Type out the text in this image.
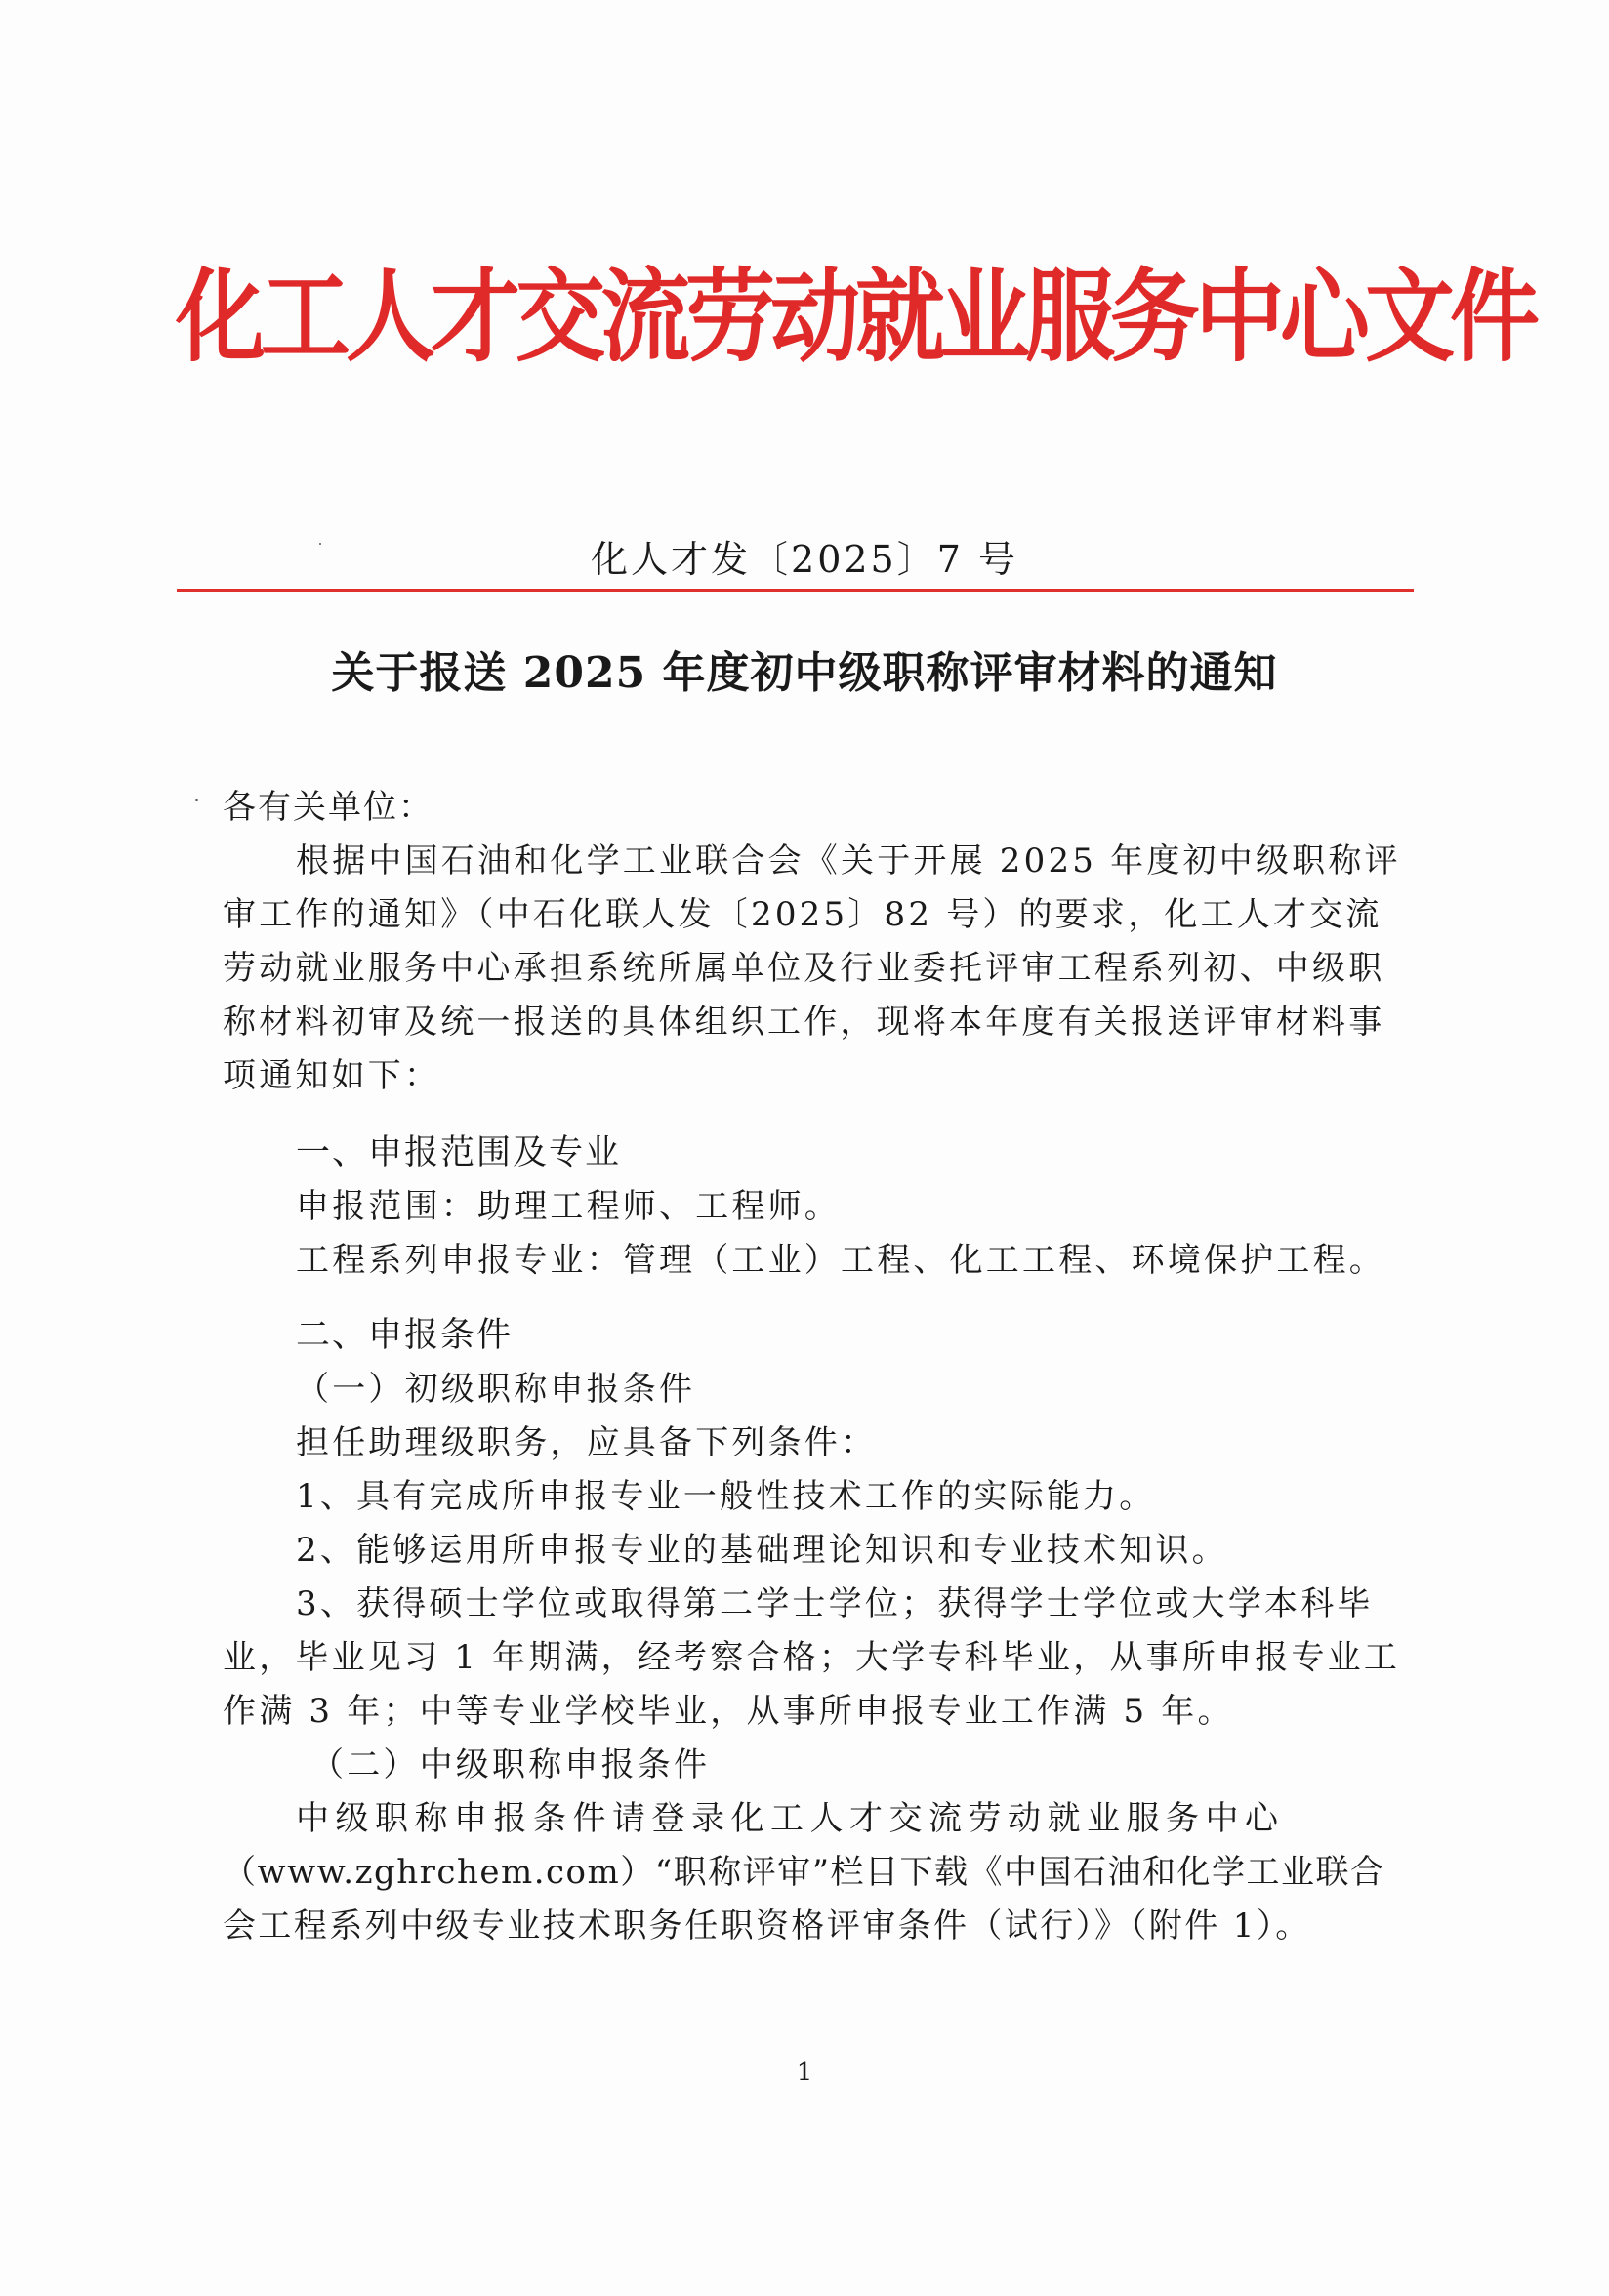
化工人才交流劳动就业服务中心文件
化人才发〔2025〕7 号
关于报送 2025 年度初中级职称评审材料的通知
各有关单位：
根据中国石油和化学工业联合会《关于开展 2025 年度初中级职称评
审工作的通知》（中石化联人发〔2025〕82 号）的要求，化工人才交流
劳动就业服务中心承担系统所属单位及行业委托评审工程系列初、中级职
称材料初审及统一报送的具体组织工作，现将本年度有关报送评审材料事
项通知如下：
一、申报范围及专业
申报范围：助理工程师、工程师。
工程系列申报专业：管理（工业）工程、化工工程、环境保护工程。
二、申报条件
（一）初级职称申报条件
担任助理级职务，应具备下列条件：
1、具有完成所申报专业一般性技术工作的实际能力。
2、能够运用所申报专业的基础理论知识和专业技术知识。
3、获得硕士学位或取得第二学士学位；获得学士学位或大学本科毕
业，毕业见习 1 年期满，经考察合格；大学专科毕业，从事所申报专业工
作满 3 年；中等专业学校毕业，从事所申报专业工作满 5 年。
（二）中级职称申报条件
中级职称申报条件请登录化工人才交流劳动就业服务中心
（www.zghrchem.com）“职称评审”栏目下载《中国石油和化学工业联合
会工程系列中级专业技术职务任职资格评审条件（试行）》（附件 1）。
1
